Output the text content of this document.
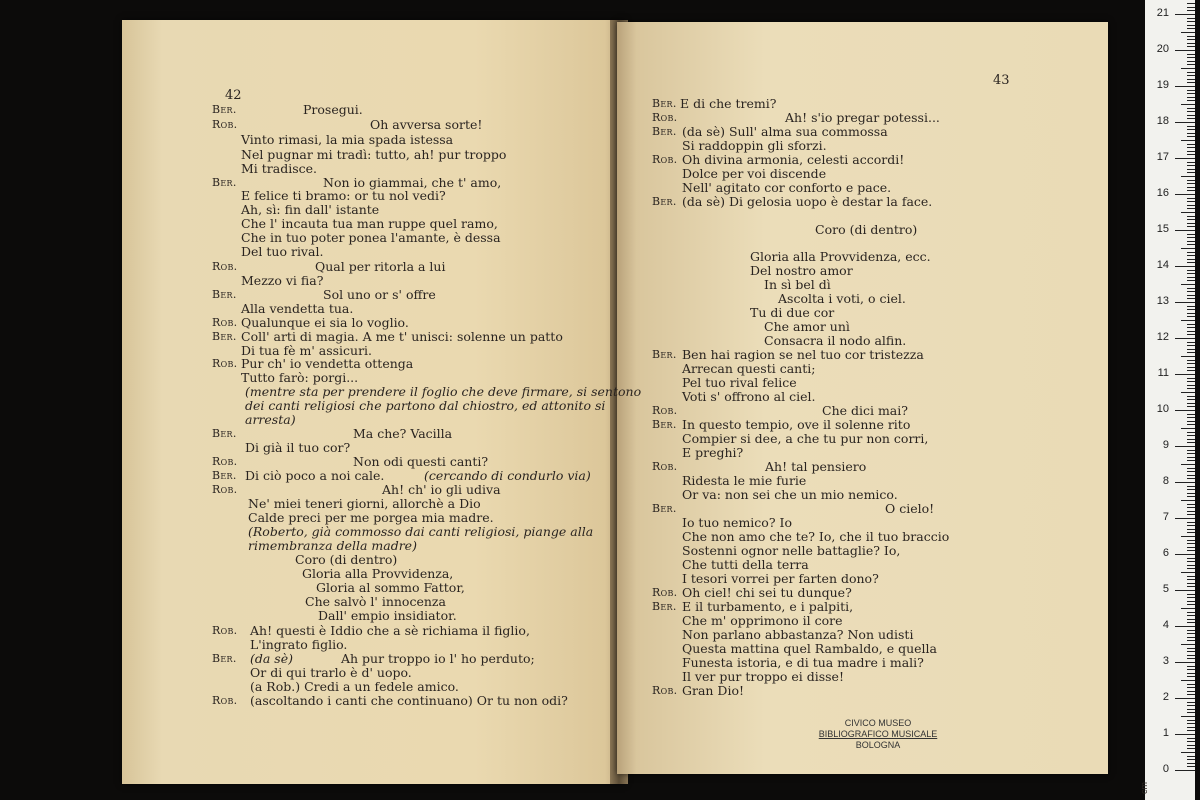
42
43
Ber.	Prosegui.
Rob.	Oh avversa sorte!
Vinto rimasi, la mia spada istessa
Nel pugnar mi tradì: tutto, ah! pur troppo
Mi tradisce.
Ber.	Non io giammai, che t' amo,
E felice ti bramo: or tu nol vedi?
Ah, sì: fin dall' istante
Che l' incauta tua man ruppe quel ramo,
Che in tuo poter ponea l'amante, è dessa
Del tuo rival.
Rob.	Qual per ritorla a lui
Mezzo vi fia?
Ber.	Sol uno or s' offre
Alla vendetta tua.
Rob. Qualunque ei sia lo voglio.
Ber. Coll' arti di magia. A me t' unisci: solenne un patto
Di tua fè m' assicuri.
Rob. Pur ch' io vendetta ottenga
Tutto farò: porgi...
(mentre sta per prendere il foglio che deve firmare, si sentono
dei canti religiosi che partono dal chiostro, ed attonito si
arresta)
Ber.	Ma che? Vacilla
Di già il tuo cor?
Rob.	Non odi questi canti?
Ber. Di ciò poco a noi cale.	(cercando di condurlo via)
Rob.	Ah! ch' io gli udiva
Ne' miei teneri giorni, allorchè a Dio
Calde preci per me porgea mia madre.
(Roberto, già commosso dai canti religiosi, piange alla
rimembranza della madre)
Coro (di dentro)
Gloria alla Provvidenza,
Gloria al sommo Fattor,
Che salvò l' innocenza
Dall' empio insidiator.
Rob. Ah! questi è Iddio che a sè richiama il figlio,
L'ingrato figlio.
Ber. (da sè)	Ah pur troppo io l' ho perduto;
Or di qui trarlo è d' uopo.
(a Rob.) Credi a un fedele amico.
Rob. (ascoltando i canti che continuano) Or tu non odi?
Ber. E di che tremi?
Rob.	Ah! s'io pregar potessi...
Ber. (da sè) Sull' alma sua commossa
Si raddoppin gli sforzi.
Rob. Oh divina armonia, celesti accordi!
Dolce per voi discende
Nell' agitato cor conforto e pace.
Ber. (da sè) Di gelosia uopo è destar la face.
Coro (di dentro)
Gloria alla Provvidenza, ecc.
Del nostro amor
In sì bel dì
Ascolta i voti, o ciel.
Tu di due cor
Che amor unì
Consacra il nodo alfin.
Ber. Ben hai ragion se nel tuo cor tristezza
Arrecan questi canti;
Pel tuo rival felice
Voti s' offrono al ciel.
Rob.	Che dici mai?
Ber. In questo tempio, ove il solenne rito
Compier si dee, a che tu pur non corri,
E preghi?
Rob.	Ah! tal pensiero
Ridesta le mie furie
Or va: non sei che un mio nemico.
Ber.	O cielo!
Io tuo nemico? Io
Che non amo che te? Io, che il tuo braccio
Sostenni ognor nelle battaglie? Io,
Che tutti della terra
I tesori vorrei per farten dono?
Rob. Oh ciel! chi sei tu dunque?
Ber. E il turbamento, e i palpiti,
Che m' opprimono il core
Non parlano abbastanza? Non udisti
Questa mattina quel Rambaldo, e quella
Funesta istoria, e di tua madre i mali?
Il ver pur troppo ei disse!
Rob. Gran Dio!
CIVICO MUSEO
BIBLIOGRAFICO MUSICALE
BOLOGNA
cm
0
1
2
3
4
5
6
7
8
9
10
11
12
13
14
15
16
17
18
19
20
21
